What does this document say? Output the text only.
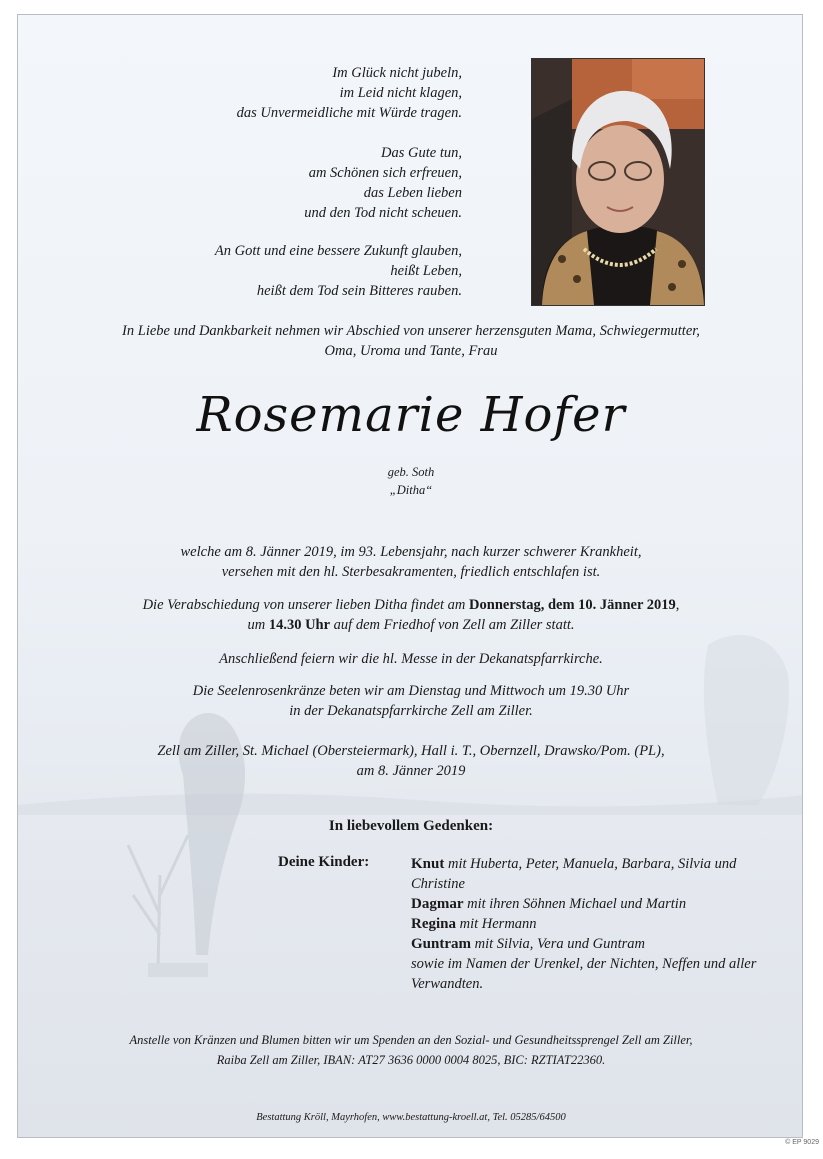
Im Glück nicht jubeln,
im Leid nicht klagen,
das Unvermeidliche mit Würde tragen.
Das Gute tun,
am Schönen sich erfreuen,
das Leben lieben
und den Tod nicht scheuen.
An Gott und eine bessere Zukunft glauben,
heißt Leben,
heißt dem Tod sein Bitteres rauben.
In Liebe und Dankbarkeit nehmen wir Abschied von unserer herzensguten Mama, Schwiegermutter,
Oma, Uroma und Tante, Frau
Rosemarie Hofer
geb. Soth
„Ditha“
welche am 8. Jänner 2019, im 93. Lebensjahr, nach kurzer schwerer Krankheit,
versehen mit den hl. Sterbesakramenten, friedlich entschlafen ist.
Die Verabschiedung von unserer lieben Ditha findet am Donnerstag, dem 10. Jänner 2019,
um 14.30 Uhr auf dem Friedhof von Zell am Ziller statt.
Anschließend feiern wir die hl. Messe in der Dekanatspfarrkirche.
Die Seelenrosenkränze beten wir am Dienstag und Mittwoch um 19.30 Uhr
in der Dekanatspfarrkirche Zell am Ziller.
Zell am Ziller, St. Michael (Obersteiermark), Hall i. T., Obernzell, Drawsko/Pom. (PL),
am 8. Jänner 2019
In liebevollem Gedenken:
Deine Kinder:	Knut mit Huberta, Peter, Manuela, Barbara, Silvia und Christine
Dagmar mit ihren Söhnen Michael und Martin
Regina mit Hermann
Guntram mit Silvia, Vera und Guntram
sowie im Namen der Urenkel, der Nichten, Neffen und aller Verwandten.
Anstelle von Kränzen und Blumen bitten wir um Spenden an den Sozial- und Gesundheitssprengel Zell am Ziller,
Raiba Zell am Ziller, IBAN: AT27 3636 0000 0004 8025, BIC: RZTIAT22360.
Bestattung Kröll, Mayrhofen, www.bestattung-kroell.at, Tel. 05285/64500
© EP 9029
